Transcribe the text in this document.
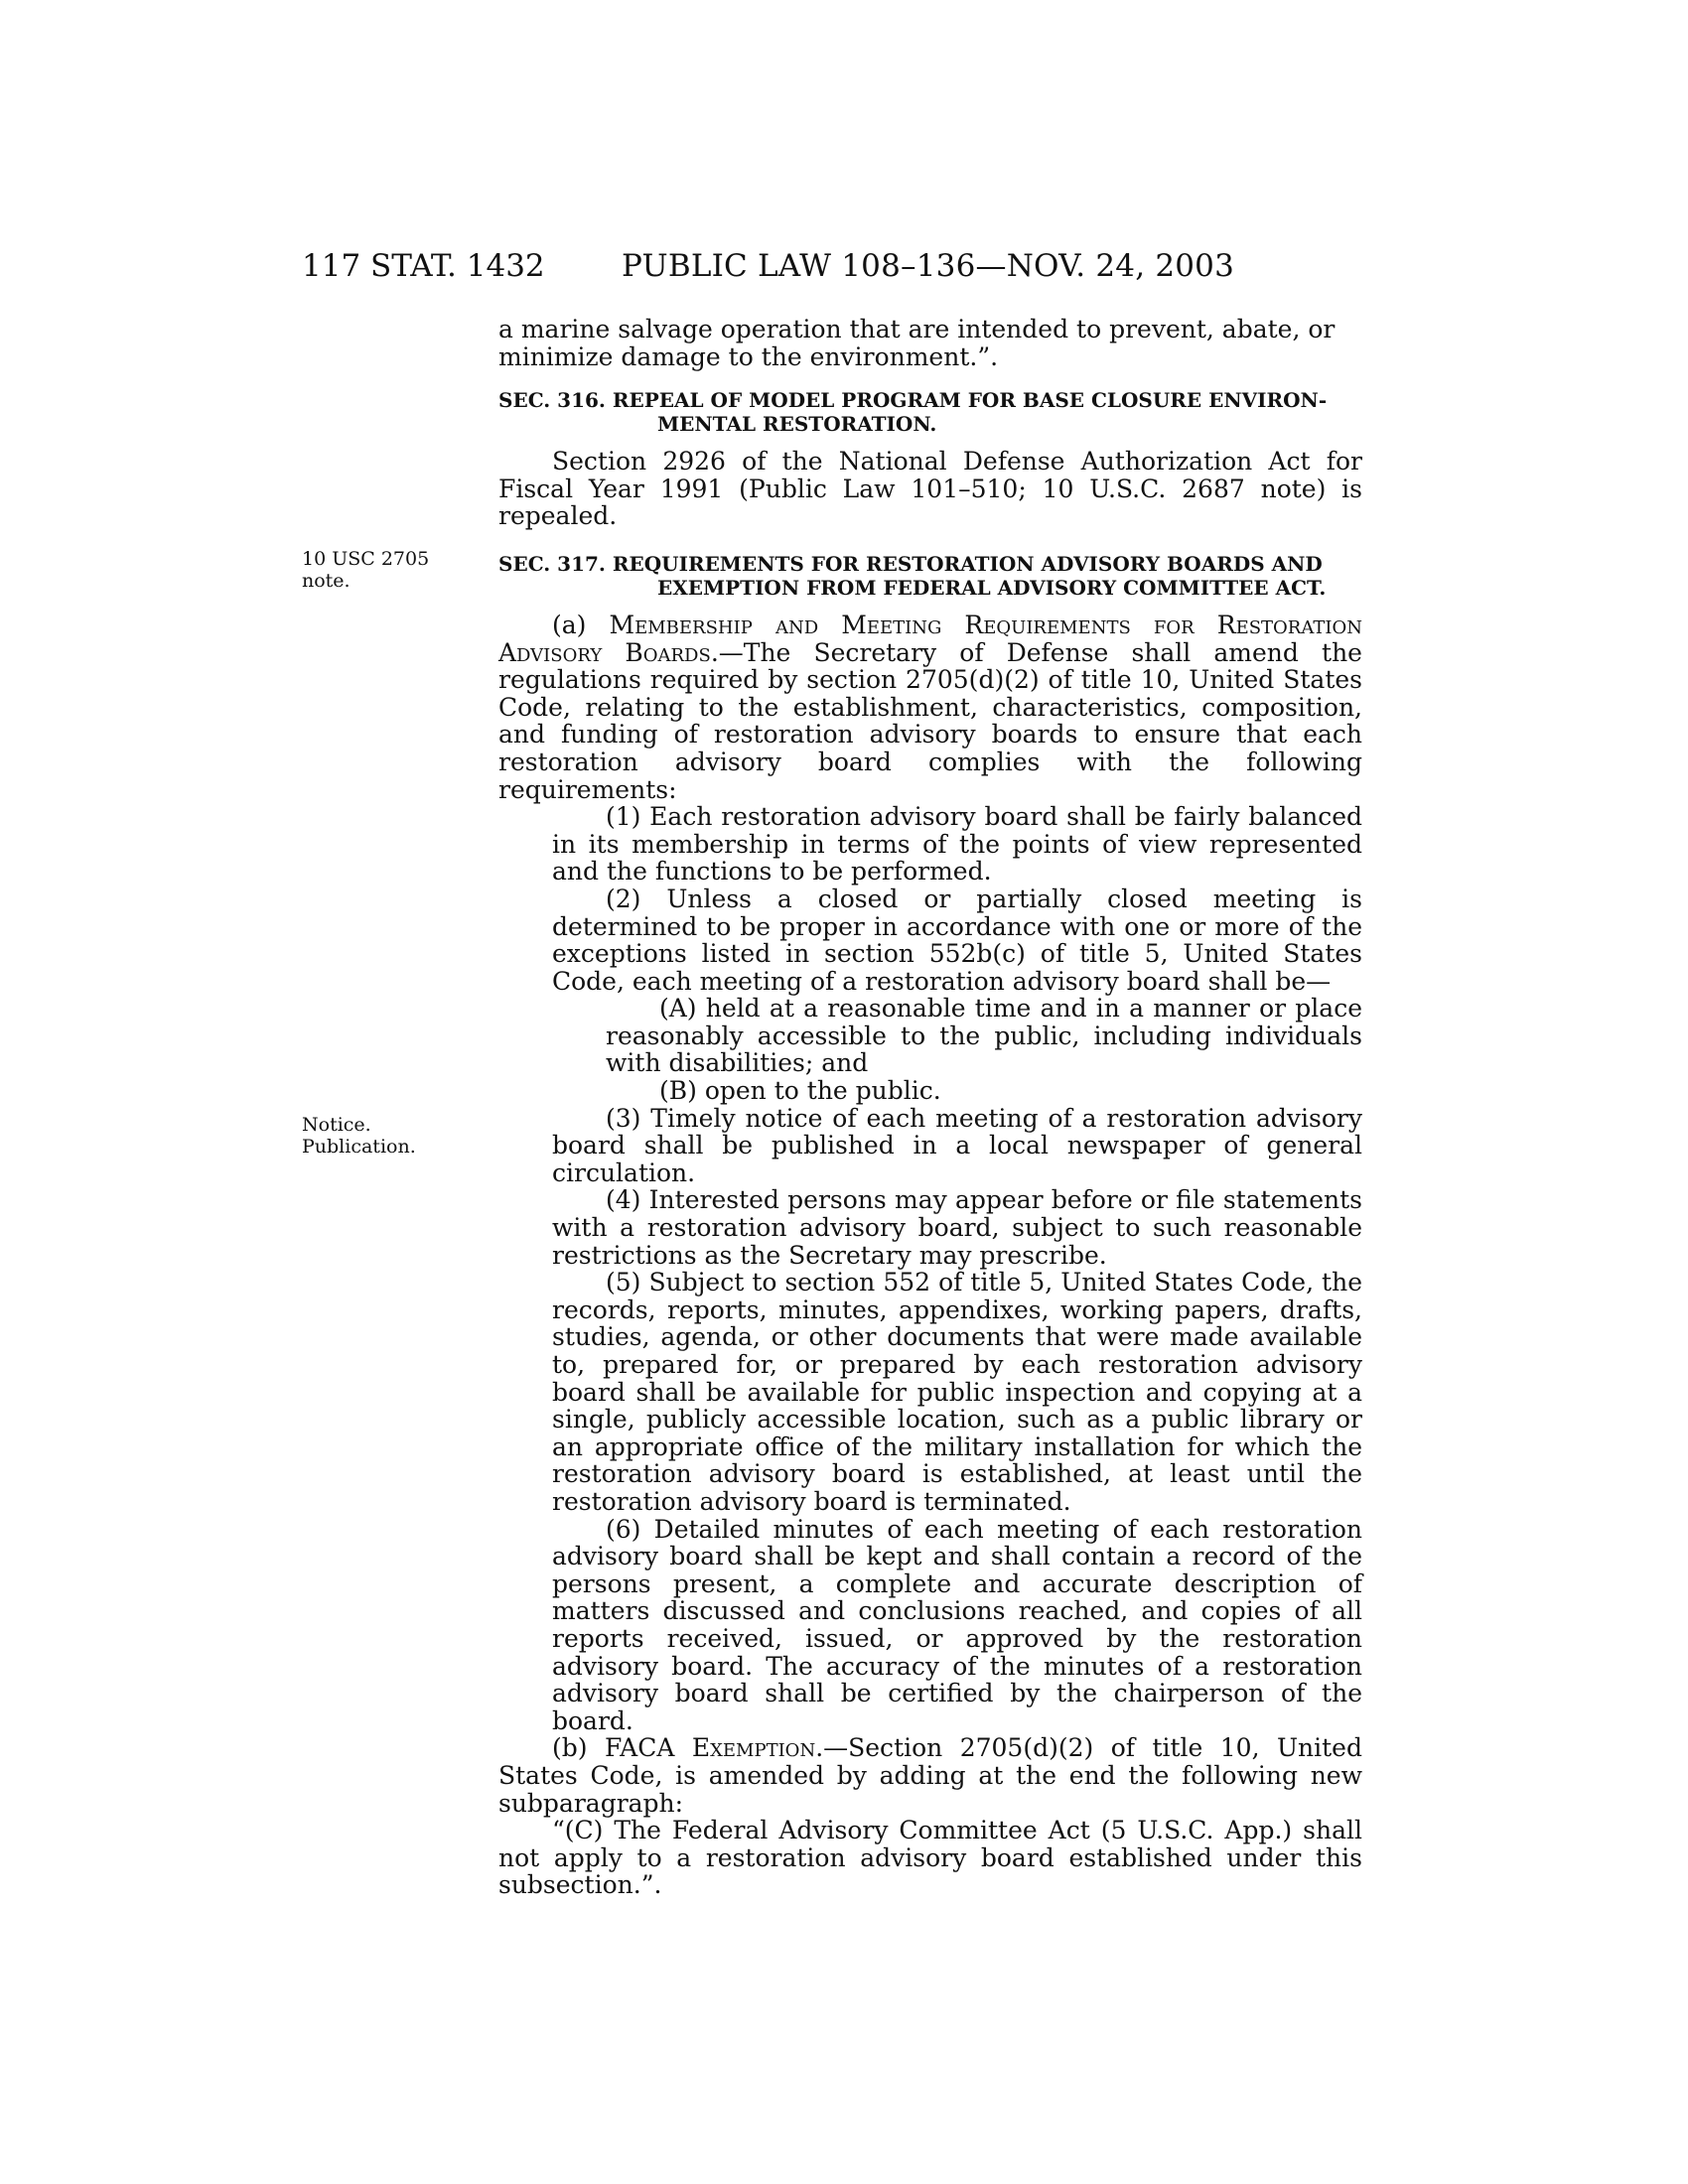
117 STAT. 1432 PUBLIC LAW 108–136—NOV. 24, 2003
10 USC 2705
note.
Notice.
Publication.

a marine salvage operation that are intended to prevent, abate, or minimize damage to the environment.”.

SEC. 316. REPEAL OF MODEL PROGRAM FOR BASE CLOSURE ENVIRON-
MENTAL RESTORATION.

Section 2926 of the National Defense Authorization Act for Fiscal Year 1991 (Public Law 101–510; 10 U.S.C. 2687 note) is repealed.

SEC. 317. REQUIREMENTS FOR RESTORATION ADVISORY BOARDS AND
EXEMPTION FROM FEDERAL ADVISORY COMMITTEE ACT.

(a) Membership and Meeting Requirements for Restoration Advisory Boards.—The Secretary of Defense shall amend the regulations required by section 2705(d)(2) of title 10, United States Code, relating to the establishment, characteristics, composition, and funding of restoration advisory boards to ensure that each restoration advisory board complies with the following requirements:

(1) Each restoration advisory board shall be fairly balanced in its membership in terms of the points of view represented and the functions to be performed.

(2) Unless a closed or partially closed meeting is determined to be proper in accordance with one or more of the exceptions listed in section 552b(c) of title 5, United States Code, each meeting of a restoration advisory board shall be—

(A) held at a reasonable time and in a manner or place reasonably accessible to the public, including individuals with disabilities; and

(B) open to the public.

(3) Timely notice of each meeting of a restoration advisory board shall be published in a local newspaper of general circulation.

(4) Interested persons may appear before or file statements with a restoration advisory board, subject to such reasonable restrictions as the Secretary may prescribe.

(5) Subject to section 552 of title 5, United States Code, the records, reports, minutes, appendixes, working papers, drafts, studies, agenda, or other documents that were made available to, prepared for, or prepared by each restoration advisory board shall be available for public inspection and copying at a single, publicly accessible location, such as a public library or an appropriate office of the military installation for which the restoration advisory board is established, at least until the restoration advisory board is terminated.

(6) Detailed minutes of each meeting of each restoration advisory board shall be kept and shall contain a record of the persons present, a complete and accurate description of matters discussed and conclusions reached, and copies of all reports received, issued, or approved by the restoration advisory board. The accuracy of the minutes of a restoration advisory board shall be certified by the chairperson of the board.

(b) FACA Exemption.—Section 2705(d)(2) of title 10, United States Code, is amended by adding at the end the following new subparagraph:

“(C) The Federal Advisory Committee Act (5 U.S.C. App.) shall not apply to a restoration advisory board established under this subsection.”.
